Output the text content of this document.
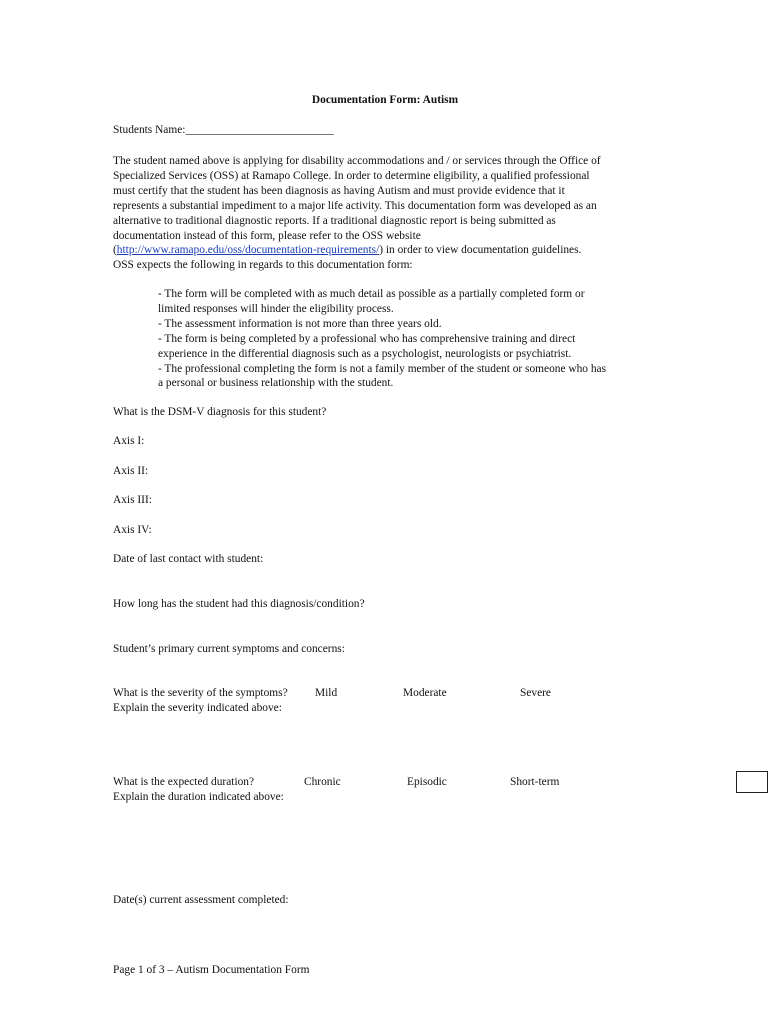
Documentation Form: Autism
Students Name:__________________________
The student named above is applying for disability accommodations and / or services through the Office of
Specialized Services (OSS) at Ramapo College. In order to determine eligibility, a qualified professional
must certify that the student has been diagnosis as having Autism and must provide evidence that it
represents a substantial impediment to a major life activity. This documentation form was developed as an
alternative to traditional diagnostic reports. If a traditional diagnostic report is being submitted as
documentation instead of this form, please refer to the OSS website
(http://www.ramapo.edu/oss/documentation-requirements/) in order to view documentation guidelines.
OSS expects the following in regards to this documentation form:
- The form will be completed with as much detail as possible as a partially completed form or
limited responses will hinder the eligibility process.
- The assessment information is not more than three years old.
- The form is being completed by a professional who has comprehensive training and direct
experience in the differential diagnosis such as a psychologist, neurologists or psychiatrist.
- The professional completing the form is not a family member of the student or someone who has
a personal or business relationship with the student.
What is the DSM-V diagnosis for this student?
Axis I:
Axis II:
Axis III:
Axis IV:
Date of last contact with student:
How long has the student had this diagnosis/condition?
Student’s primary current symptoms and concerns:
What is the severity of the symptoms? Mild	Moderate	Severe
Explain the severity indicated above:
What is the expected duration?	Chronic	Episodic	Short-term
Explain the duration indicated above:
Date(s) current assessment completed:
Page 1 of 3 – Autism Documentation Form
